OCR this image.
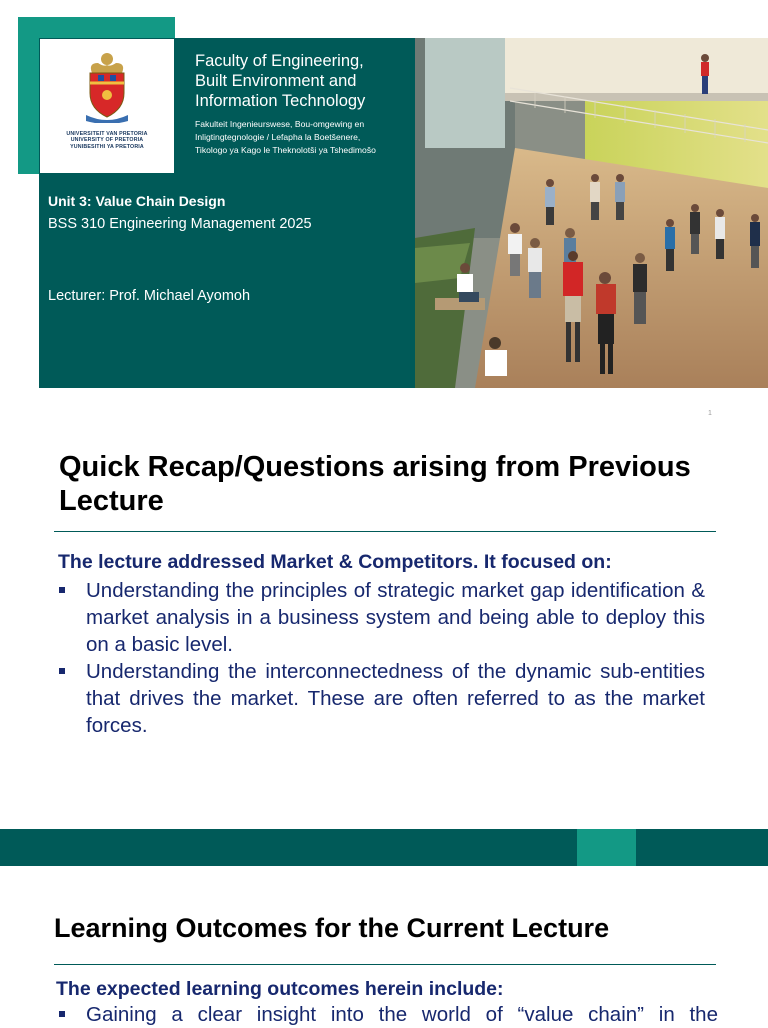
UNIVERSITEIT VAN PRETORIA
UNIVERSITY OF PRETORIA
YUNIBESITHI YA PRETORIA
Faculty of Engineering,
Built Environment and
Information Technology
Fakulteit Ingenieurswese, Bou-omgewing en
Inligtingtegnologie / Lefapha la Boetšenere,
Tikologo ya Kago le Theknolotši ya Tshedimošo
Unit 3: Value Chain Design
BSS 310 Engineering Management 2025
Lecturer: Prof. Michael Ayomoh
1
Quick Recap/Questions arising from Previous Lecture
The lecture addressed Market & Competitors. It focused on:
Understanding the principles of strategic market gap identification & market analysis in a business system and being able to deploy this on a basic level.
Understanding the interconnectedness of the dynamic sub-entities that drives the market. These are often referred to as the market forces.
Learning Outcomes for the Current Lecture
The expected learning outcomes herein include:
Gaining a clear insight into the world of “value chain” in the
